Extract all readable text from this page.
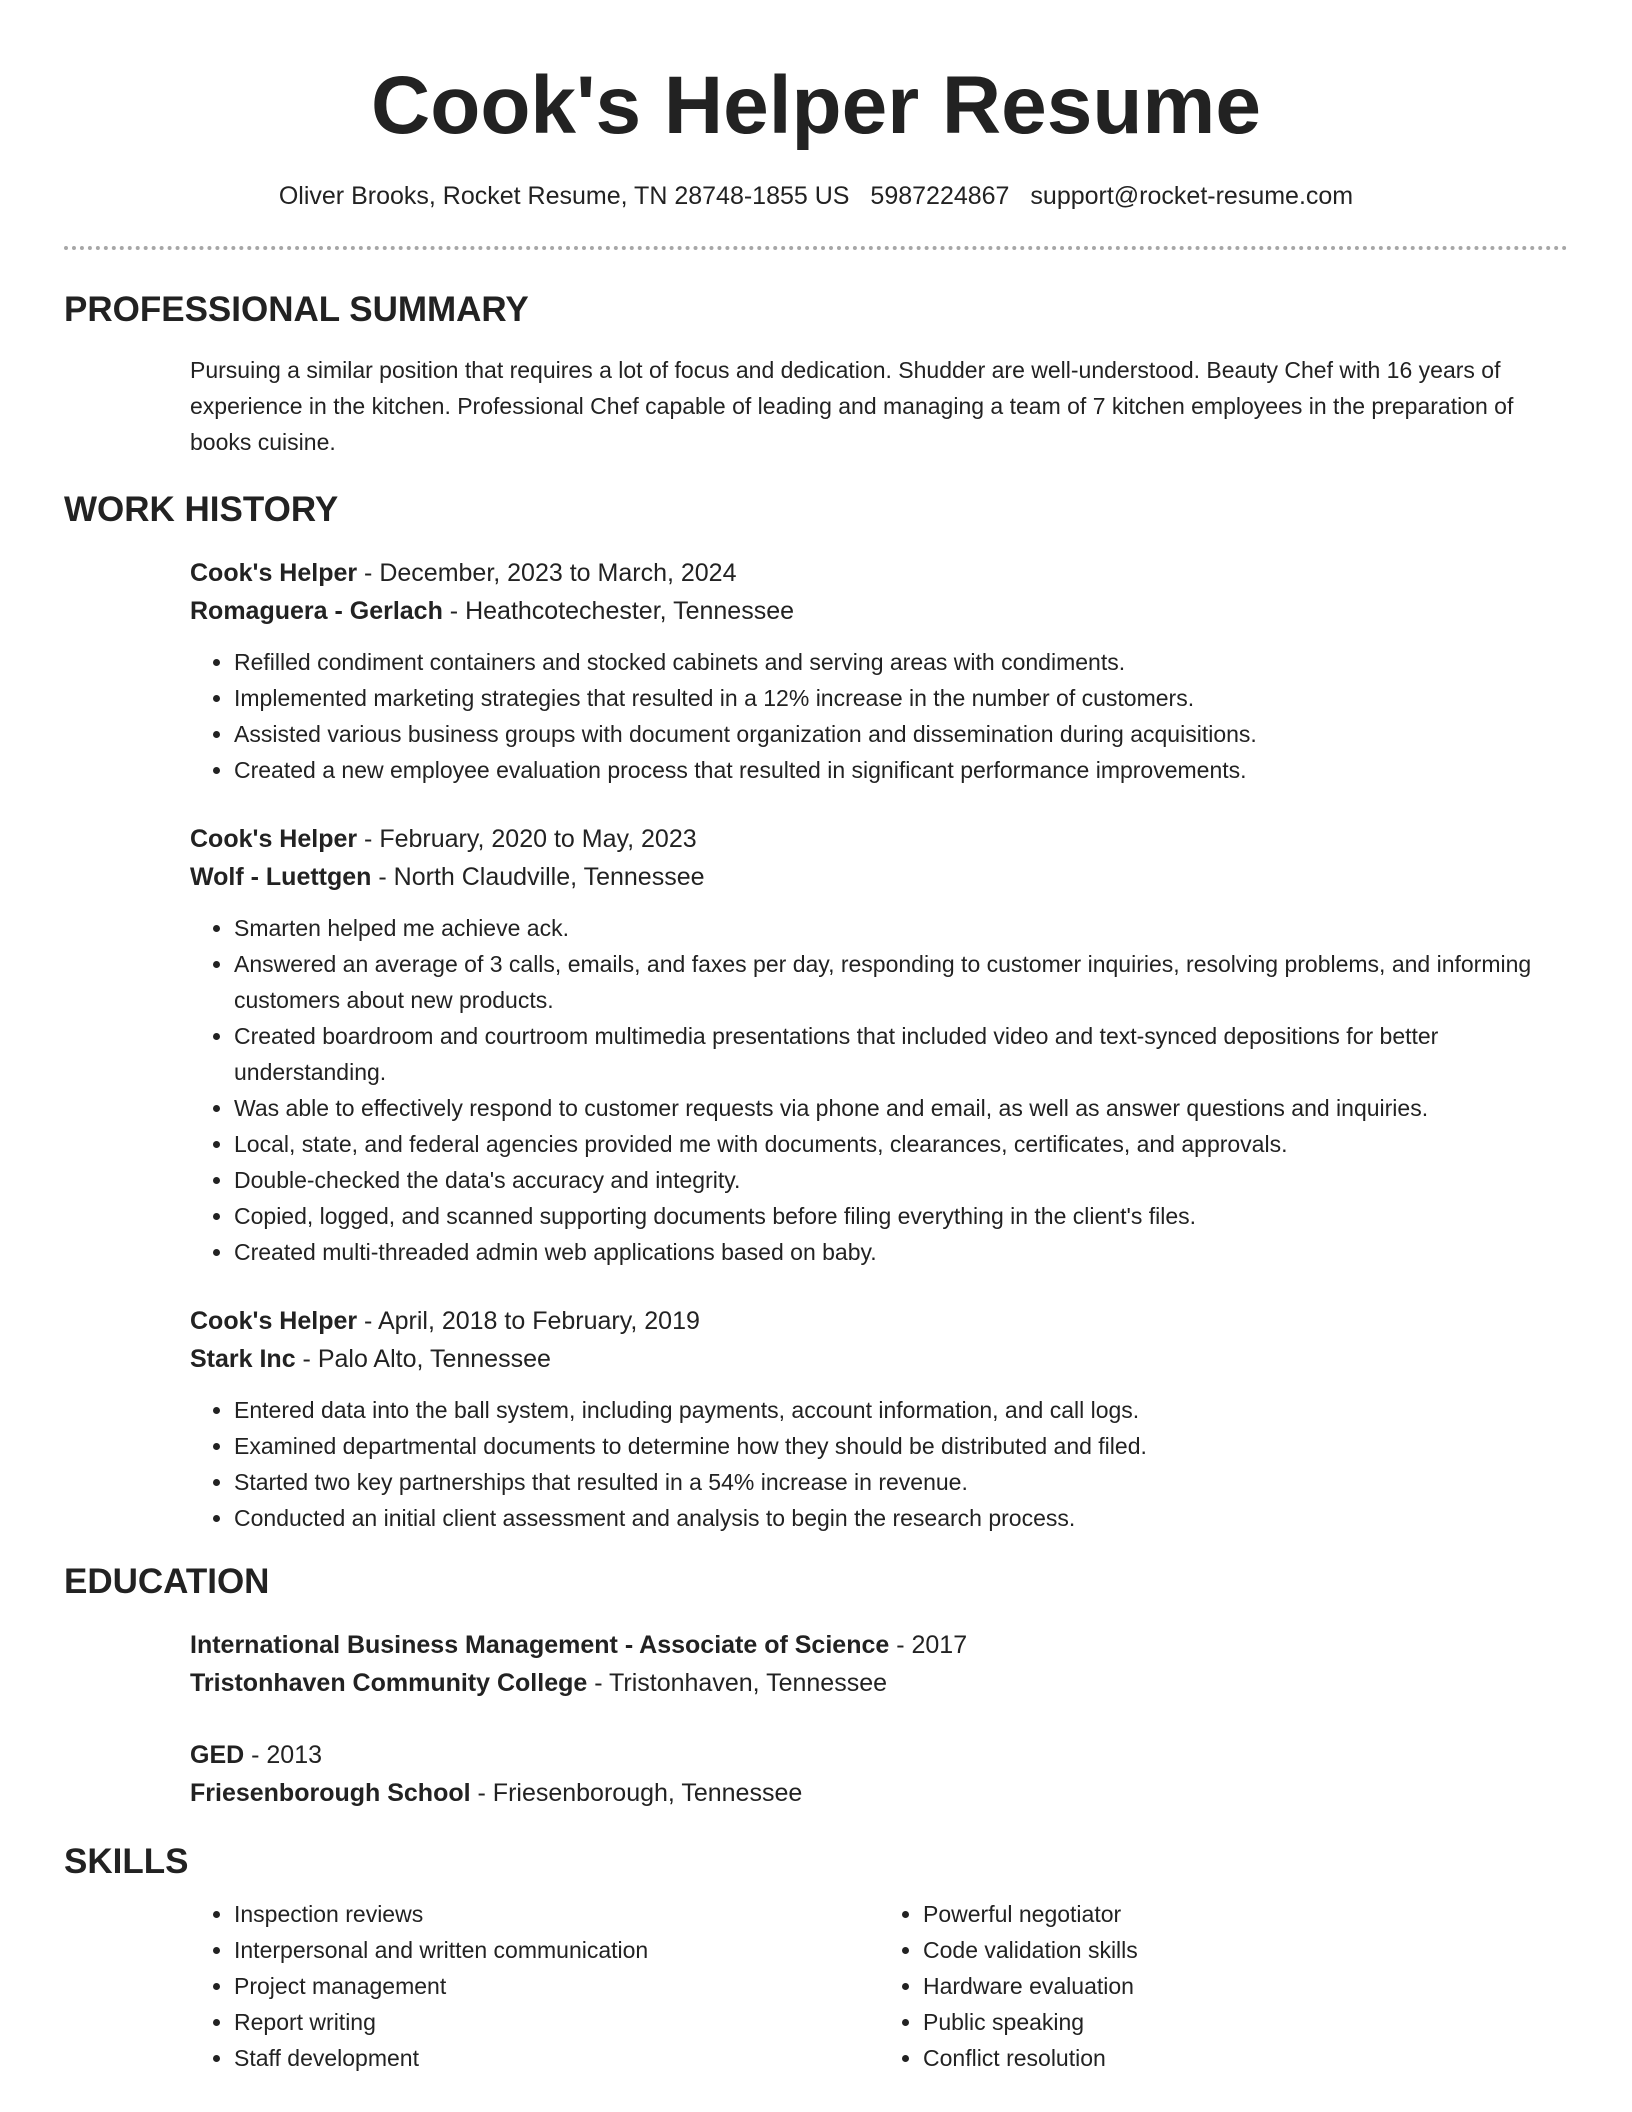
Cook's Helper Resume
Oliver Brooks, Rocket Resume, TN 28748-1855 US 5987224867 support@rocket-resume.com
PROFESSIONAL SUMMARY
Pursuing a similar position that requires a lot of focus and dedication. Shudder are well-understood. Beauty Chef with 16 years of experience in the kitchen. Professional Chef capable of leading and managing a team of 7 kitchen employees in the preparation of books cuisine.
WORK HISTORY
Cook's Helper - December, 2023 to March, 2024
Romaguera - Gerlach - Heathcotechester, Tennessee
• Refilled condiment containers and stocked cabinets and serving areas with condiments.
• Implemented marketing strategies that resulted in a 12% increase in the number of customers.
• Assisted various business groups with document organization and dissemination during acquisitions.
• Created a new employee evaluation process that resulted in significant performance improvements.
Cook's Helper - February, 2020 to May, 2023
Wolf - Luettgen - North Claudville, Tennessee
• Smarten helped me achieve ack.
• Answered an average of 3 calls, emails, and faxes per day, responding to customer inquiries, resolving problems, and informing customers about new products.
• Created boardroom and courtroom multimedia presentations that included video and text-synced depositions for better understanding.
• Was able to effectively respond to customer requests via phone and email, as well as answer questions and inquiries.
• Local, state, and federal agencies provided me with documents, clearances, certificates, and approvals.
• Double-checked the data's accuracy and integrity.
• Copied, logged, and scanned supporting documents before filing everything in the client's files.
• Created multi-threaded admin web applications based on baby.
Cook's Helper - April, 2018 to February, 2019
Stark Inc - Palo Alto, Tennessee
• Entered data into the ball system, including payments, account information, and call logs.
• Examined departmental documents to determine how they should be distributed and filed.
• Started two key partnerships that resulted in a 54% increase in revenue.
• Conducted an initial client assessment and analysis to begin the research process.
EDUCATION
International Business Management - Associate of Science - 2017
Tristonhaven Community College - Tristonhaven, Tennessee
GED - 2013
Friesenborough School - Friesenborough, Tennessee
SKILLS
• Inspection reviews
• Interpersonal and written communication
• Project management
• Report writing
• Staff development
• Powerful negotiator
• Code validation skills
• Hardware evaluation
• Public speaking
• Conflict resolution
